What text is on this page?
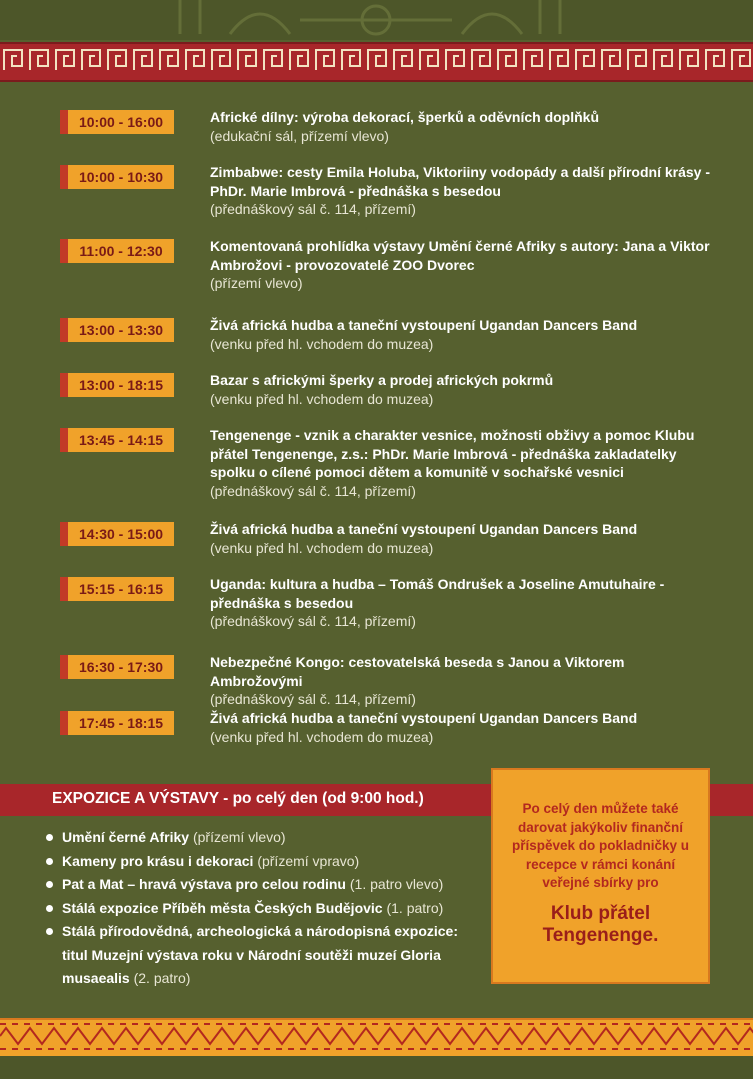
10:00 - 16:00	Africké dílny: výroba dekorací, šperků a oděvních doplňků
(edukační sál, přízemí vlevo)
10:00 - 10:30	Zimbabwe: cesty Emila Holuba, Viktoriiny vodopády a další přírodní krásy - PhDr. Marie Imbrová - přednáška s besedou
(přednáškový sál č. 114, přízemí)
11:00 - 12:30	Komentovaná prohlídka výstavy Umění černé Afriky s autory: Jana a Viktor Ambrožovi - provozovatelé ZOO Dvorec
(přízemí vlevo)
13:00 - 13:30	Živá africká hudba a taneční vystoupení Ugandan Dancers Band
(venku před hl. vchodem do muzea)
13:00 - 18:15	Bazar s africkými šperky a prodej afrických pokrmů
(venku před hl. vchodem do muzea)
13:45 - 14:15	Tengenenge - vznik a charakter vesnice, možnosti obživy a pomoc Klubu přátel Tengenenge, z.s.: PhDr. Marie Imbrová - přednáška zakladatelky spolku o cílené pomoci dětem a komunitě v sochařské vesnici
(přednáškový sál č. 114, přízemí)
14:30 - 15:00	Živá africká hudba a taneční vystoupení Ugandan Dancers Band
(venku před hl. vchodem do muzea)
15:15 - 16:15	Uganda: kultura a hudba – Tomáš Ondrušek a Joseline Amutuhaire - přednáška s besedou
(přednáškový sál č. 114, přízemí)
16:30 - 17:30	Nebezpečné Kongo: cestovatelská beseda s Janou a Viktorem Ambrožovými
(přednáškový sál č. 114, přízemí)
17:45 - 18:15	Živá africká hudba a taneční vystoupení Ugandan Dancers Band
(venku před hl. vchodem do muzea)
EXPOZICE A VÝSTAVY - po celý den (od 9:00 hod.)
Umění černé Afriky (přízemí vlevo)
Kameny pro krásu i dekoraci (přízemí vpravo)
Pat a Mat – hravá výstava pro celou rodinu (1. patro vlevo)
Stálá expozice Příběh města Českých Budějovic (1. patro)
Stálá přírodovědná, archeologická a národopisná expozice: titul Muzejní výstava roku v Národní soutěži muzeí Gloria musaealis (2. patro)
Po celý den můžete také darovat jakýkoliv finanční příspěvek do pokladničky u recepce v rámci konání veřejné sbírky pro
Klub přátel Tengenenge.
